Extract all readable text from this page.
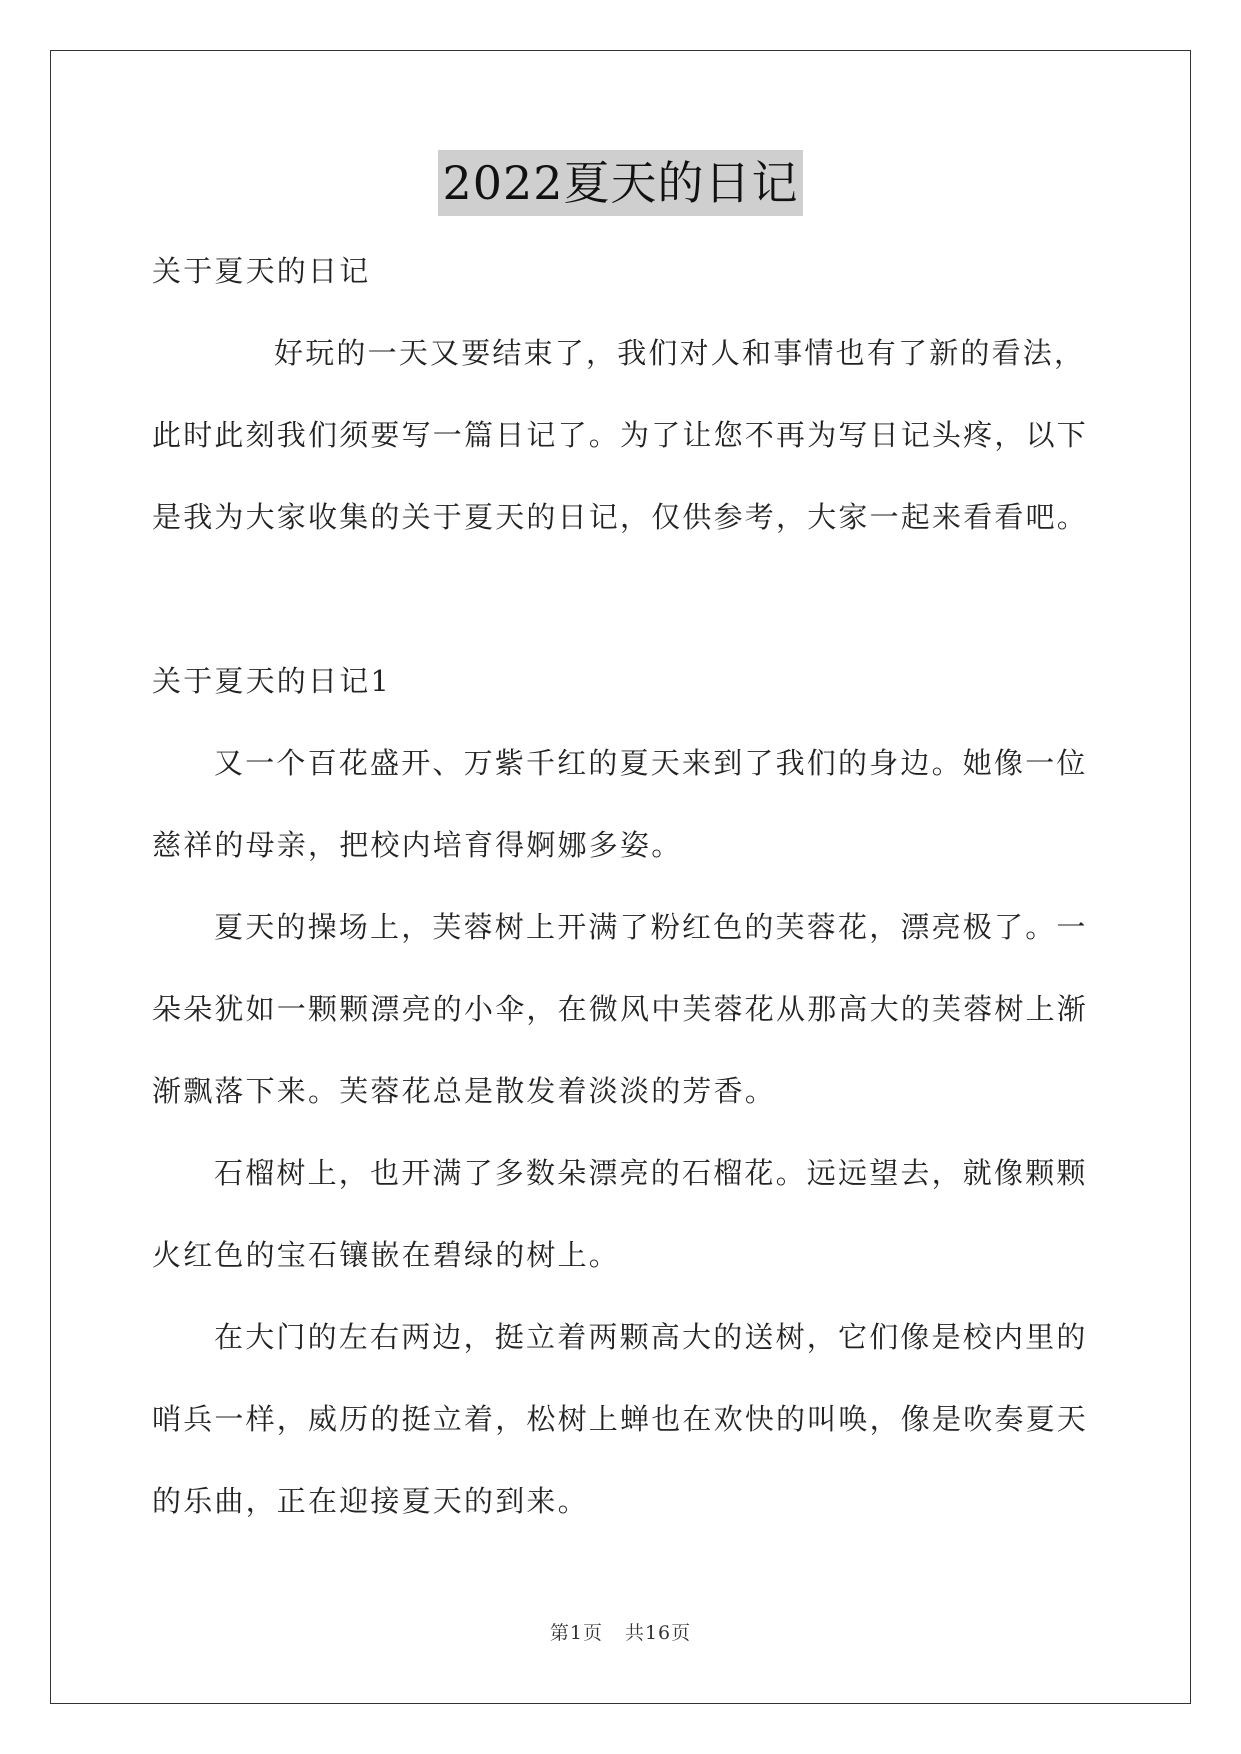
2022夏天的日记
关于夏天的日记
好玩的一天又要结束了，我们对人和事情也有了新的看法，
此时此刻我们须要写一篇日记了。为了让您不再为写日记头疼，以下
是我为大家收集的关于夏天的日记，仅供参考，大家一起来看看吧。
关于夏天的日记1
又一个百花盛开、万紫千红的夏天来到了我们的身边。她像一位
慈祥的母亲，把校内培育得婀娜多姿。
夏天的操场上，芙蓉树上开满了粉红色的芙蓉花，漂亮极了。一
朵朵犹如一颗颗漂亮的小伞，在微风中芙蓉花从那高大的芙蓉树上渐
渐飘落下来。芙蓉花总是散发着淡淡的芳香。
石榴树上，也开满了多数朵漂亮的石榴花。远远望去，就像颗颗
火红色的宝石镶嵌在碧绿的树上。
在大门的左右两边，挺立着两颗高大的送树，它们像是校内里的
哨兵一样，威历的挺立着，松树上蝉也在欢快的叫唤，像是吹奏夏天
的乐曲，正在迎接夏天的到来。
第1页 共16页
